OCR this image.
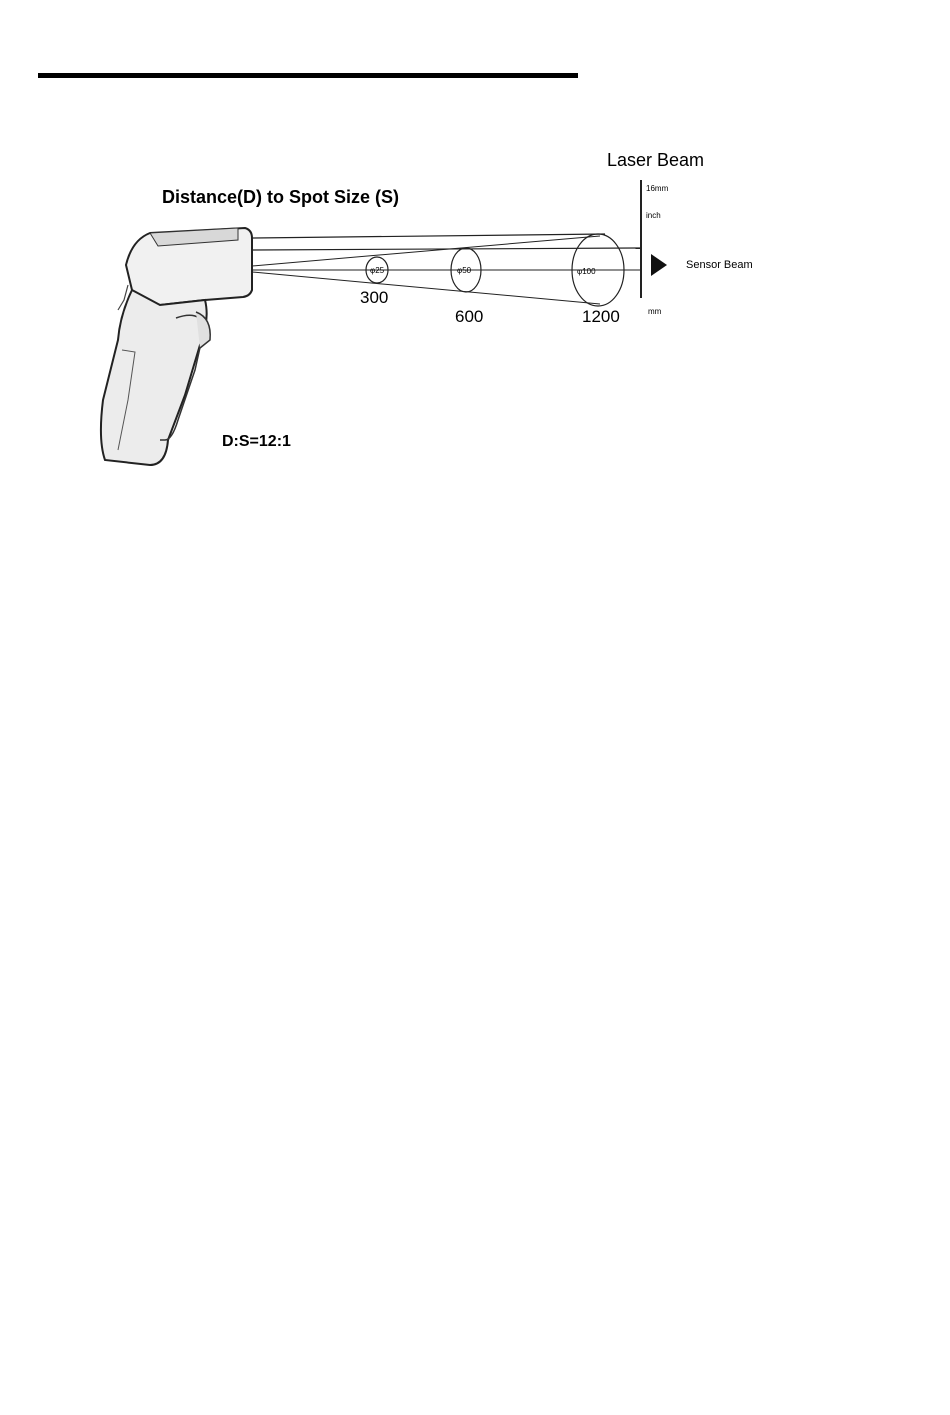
Distance(D) to Spot Size (S)
Laser Beam
φ25	φ50	φ100
300
600	1200
16mm
inch
Sensor Beam
mm
D:S=12:1
